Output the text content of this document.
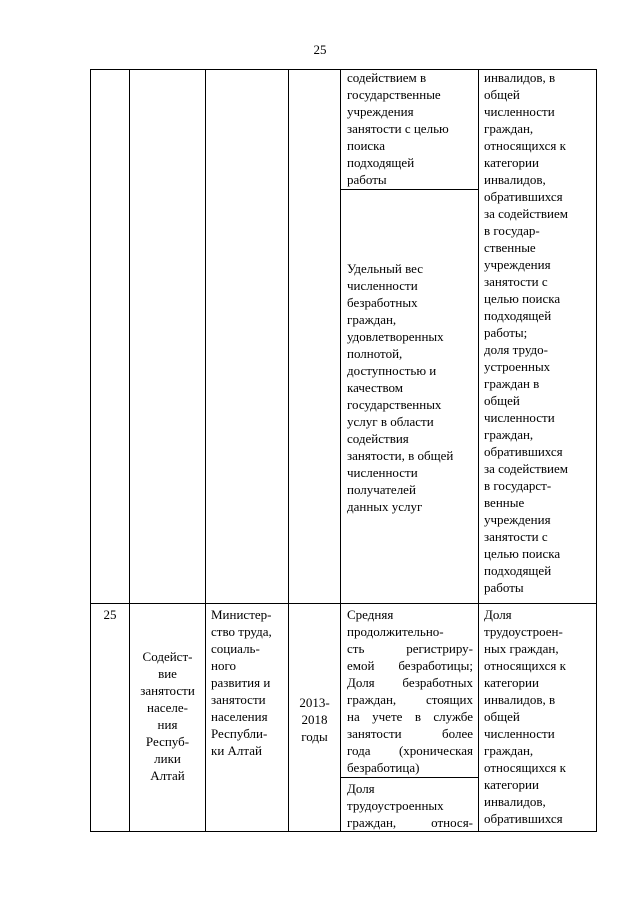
25
содействием в
государственные
учреждения
занятости с целью
поиска
подходящей
работы
Удельный вес
численности
безработных
граждан,
удовлетворенных
полнотой,
доступностью и
качеством
государственных
услуг в области
содействия
занятости, в общей
численности
получателей
данных услуг
инвалидов, в
общей
численности
граждан,
относящихся к
категории
инвалидов,
обратившихся
за содействием
в государ-
ственные
учреждения
занятости с
целью поиска
подходящей
работы;
доля трудо-
устроенных
граждан в
общей
численности
граждан,
обратившихся
за содействием
в государст-
венные
учреждения
занятости с
целью поиска
подходящей
работы
25
Содейст-
вие
занятости
населе-
ния
Респуб-
лики
Алтай
Министер-
ство труда,
социаль-
ного
развития и
занятости
населения
Республи-
ки Алтай
2013-
2018
годы
Средняя
продолжительно-
сть регистриру-
емой безработицы;
Доля безработных
граждан, стоящих
на учете в службе
занятости более
года (хроническая
безработица)
Доля
трудоустроенных
граждан, относя-
Доля
трудоустроен-
ных граждан,
относящихся к
категории
инвалидов, в
общей
численности
граждан,
относящихся к
категории
инвалидов,
обратившихся
